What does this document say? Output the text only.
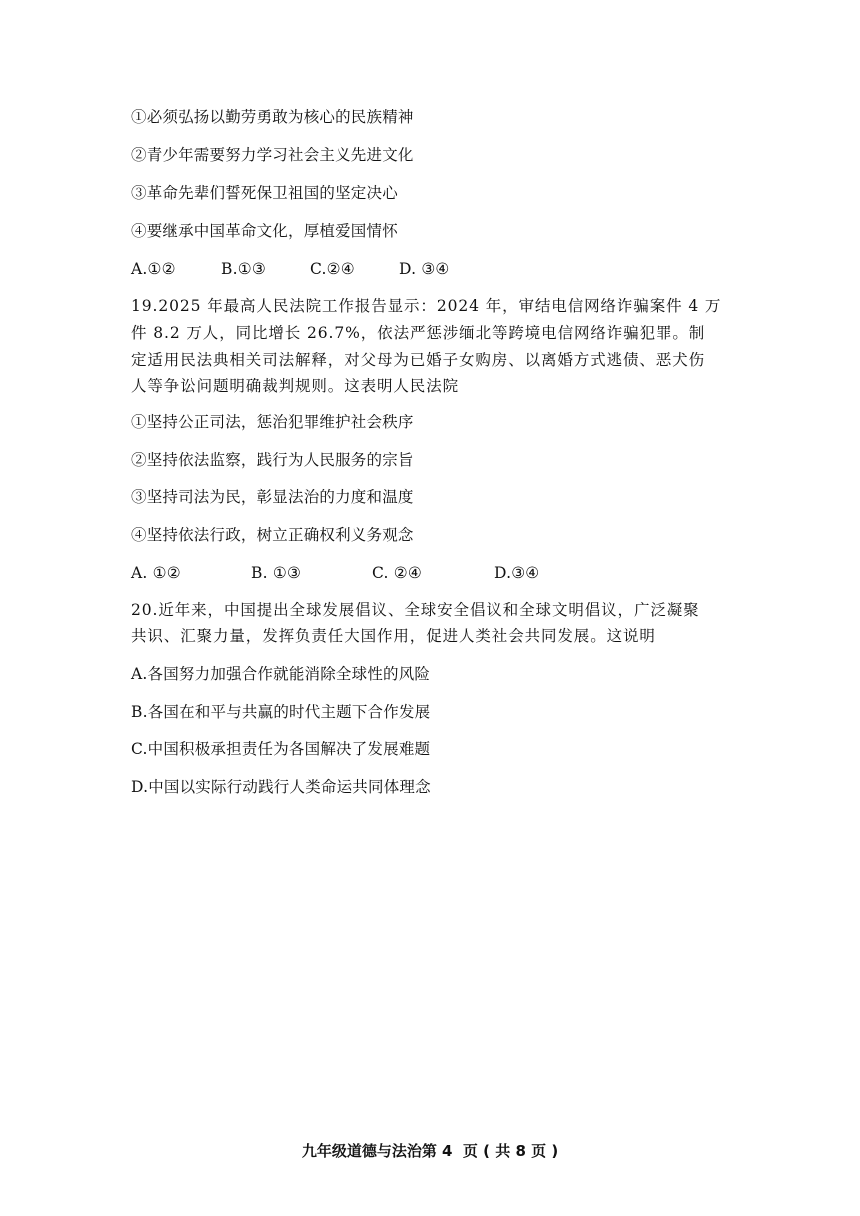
①必须弘扬以勤劳勇敢为核心的民族精神
②青少年需要努力学习社会主义先进文化
③革命先辈们誓死保卫祖国的坚定决心
④要继承中国革命文化，厚植爱国情怀
A.①②	B.①③	C.②④	D. ③④
19.2025 年最高人民法院工作报告显示：2024 年，审结电信网络诈骗案件 4 万
件 8.2 万人，同比增长 26.7%，依法严惩涉缅北等跨境电信网络诈骗犯罪。制
定适用民法典相关司法解释，对父母为已婚子女购房、以离婚方式逃债、恶犬伤
人等争讼问题明确裁判规则。这表明人民法院
①坚持公正司法，惩治犯罪维护社会秩序
②坚持依法监察，践行为人民服务的宗旨
③坚持司法为民，彰显法治的力度和温度
④坚持依法行政，树立正确权利义务观念
A. ①②	B. ①③	C. ②④	D.③④
20.近年来，中国提出全球发展倡议、全球安全倡议和全球文明倡议，广泛凝聚
共识、汇聚力量，发挥负责任大国作用，促进人类社会共同发展。这说明
A.各国努力加强合作就能消除全球性的风险
B.各国在和平与共赢的时代主题下合作发展
C.中国积极承担责任为各国解决了发展难题
D.中国以实际行动践行人类命运共同体理念
九年级道德与法治第 4  页 ( 共 8 页 )
